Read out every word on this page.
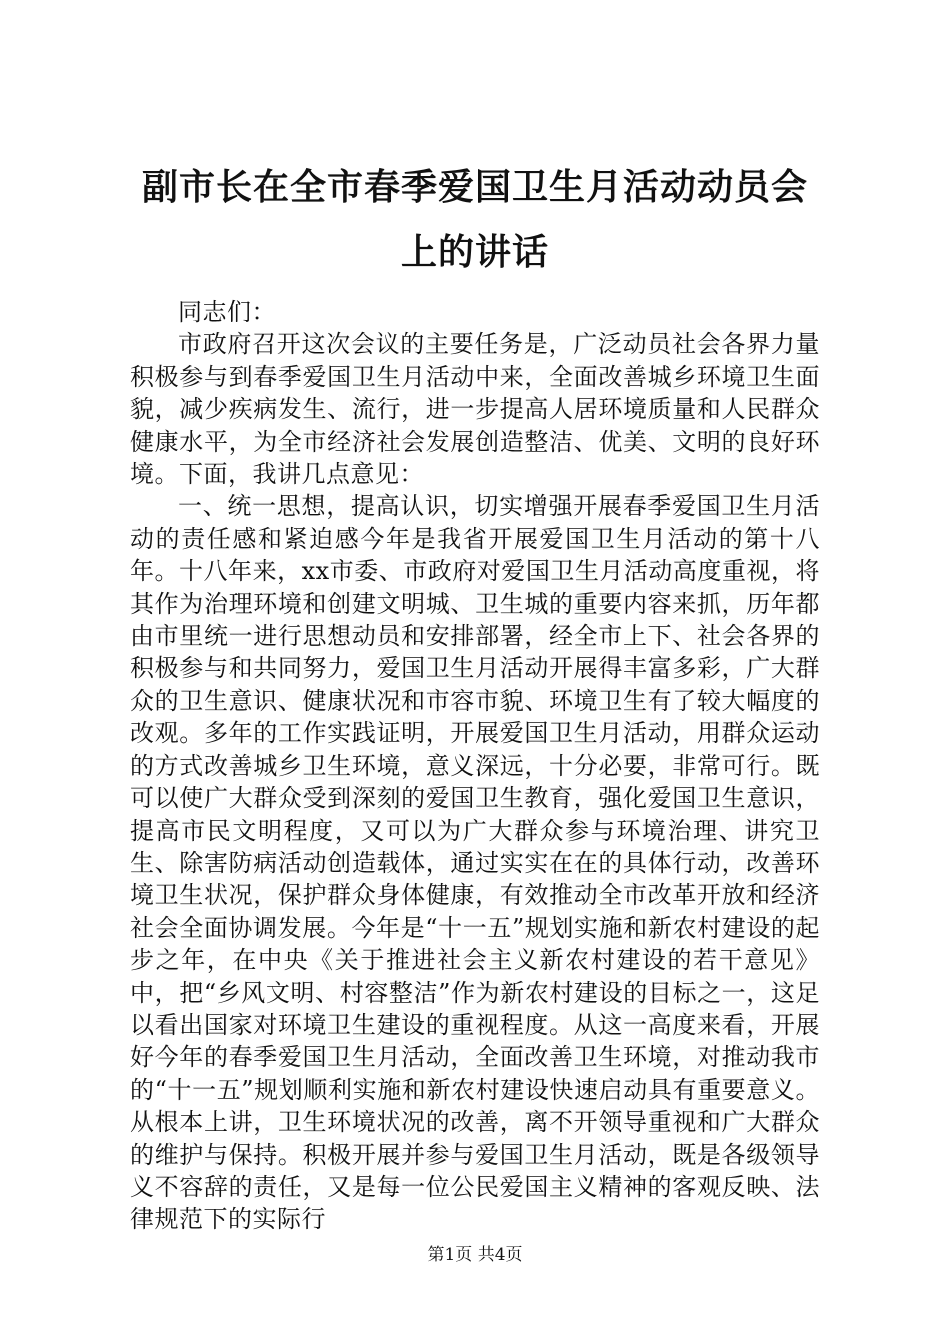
副市长在全市春季爱国卫生月活动动员会上的讲话

同志们：

市政府召开这次会议的主要任务是，广泛动员社会各界力量积极参与到春季爱国卫生月活动中来，全面改善城乡环境卫生面貌，减少疾病发生、流行，进一步提高人居环境质量和人民群众健康水平，为全市经济社会发展创造整洁、优美、文明的良好环境。下面，我讲几点意见：

一、统一思想，提高认识，切实增强开展春季爱国卫生月活动的责任感和紧迫感今年是我省开展爱国卫生月活动的第十八年。十八年来，xx市委、市政府对爱国卫生月活动高度重视，将其作为治理环境和创建文明城、卫生城的重要内容来抓，历年都由市里统一进行思想动员和安排部署，经全市上下、社会各界的积极参与和共同努力，爱国卫生月活动开展得丰富多彩，广大群众的卫生意识、健康状况和市容市貌、环境卫生有了较大幅度的改观。多年的工作实践证明，开展爱国卫生月活动，用群众运动的方式改善城乡卫生环境，意义深远，十分必要，非常可行。既可以使广大群众受到深刻的爱国卫生教育，强化爱国卫生意识，提高市民文明程度，又可以为广大群众参与环境治理、讲究卫生、除害防病活动创造载体，通过实实在在的具体行动，改善环境卫生状况，保护群众身体健康，有效推动全市改革开放和经济社会全面协调发展。今年是“十一五”规划实施和新农村建设的起步之年，在中央《关于推进社会主义新农村建设的若干意见》中，把“乡风文明、村容整洁”作为新农村建设的目标之一，这足以看出国家对环境卫生建设的重视程度。从这一高度来看，开展好今年的春季爱国卫生月活动，全面改善卫生环境，对推动我市的“十一五”规划顺利实施和新农村建设快速启动具有重要意义。从根本上讲，卫生环境状况的改善，离不开领导重视和广大群众的维护与保持。积极开展并参与爱国卫生月活动，既是各级领导义不容辞的责任，又是每一位公民爱国主义精神的客观反映、法律规范下的实际行

第1页 共4页
